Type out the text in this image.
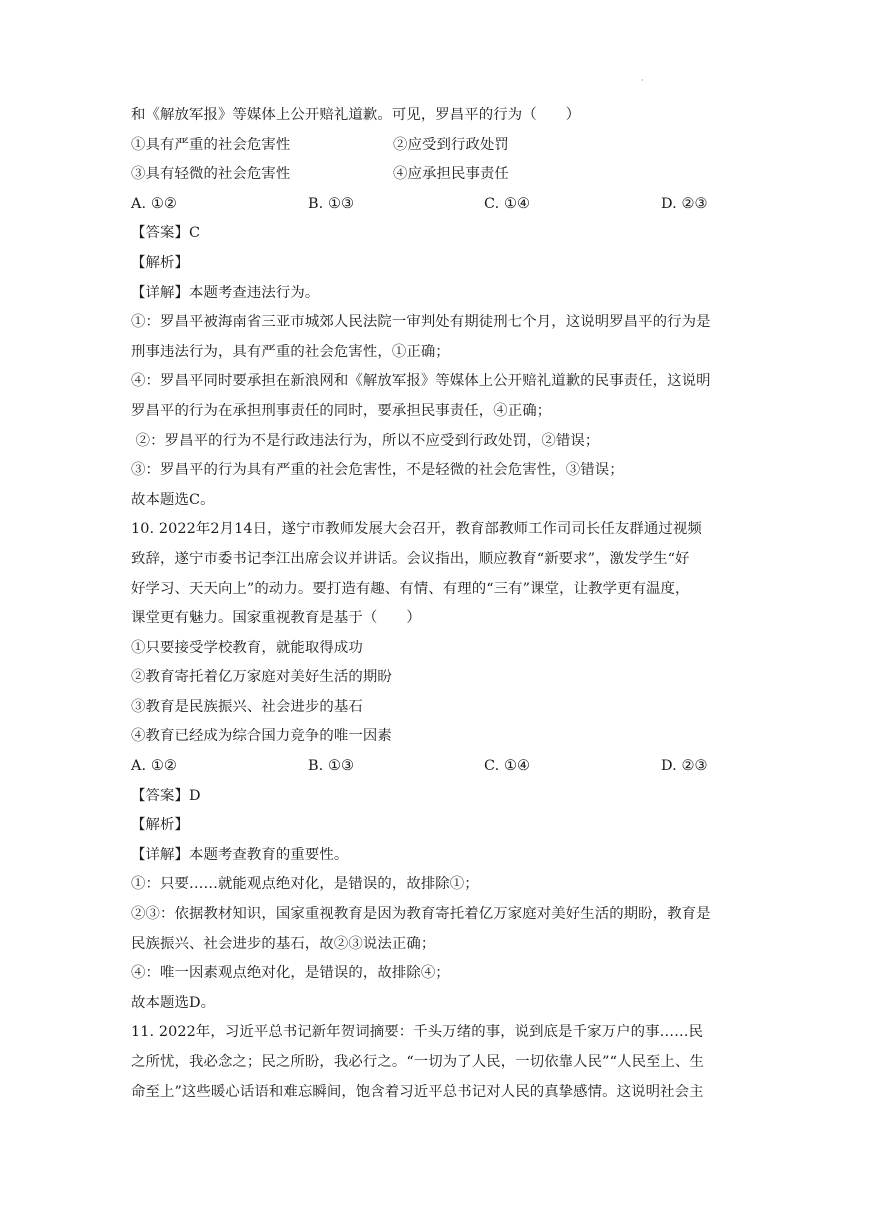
·
和《解放军报》等媒体上公开赔礼道歉。可见，罗昌平的行为（　　）
①具有严重的社会危害性	②应受到行政处罚
③具有轻微的社会危害性	④应承担民事责任
A. ①②	B. ①③	C. ①④	D. ②③
【答案】C
【解析】
【详解】本题考查违法行为。
①：罗昌平被海南省三亚市城郊人民法院一审判处有期徒刑七个月，这说明罗昌平的行为是
刑事违法行为，具有严重的社会危害性，①正确；
④：罗昌平同时要承担在新浪网和《解放军报》等媒体上公开赔礼道歉的民事责任，这说明
罗昌平的行为在承担刑事责任的同时，要承担民事责任，④正确；
②：罗昌平的行为不是行政违法行为，所以不应受到行政处罚，②错误；
③：罗昌平的行为具有严重的社会危害性，不是轻微的社会危害性，③错误；
故本题选C。
10. 2022年2月14日，遂宁市教师发展大会召开，教育部教师工作司司长任友群通过视频
致辞，遂宁市委书记李江出席会议并讲话。会议指出，顺应教育“新要求”，激发学生“好
好学习、天天向上”的动力。要打造有趣、有情、有理的“三有”课堂，让教学更有温度，
课堂更有魅力。国家重视教育是基于（　　）
①只要接受学校教育，就能取得成功
②教育寄托着亿万家庭对美好生活的期盼
③教育是民族振兴、社会进步的基石
④教育已经成为综合国力竞争的唯一因素
A. ①②	B. ①③	C. ①④	D. ②③
【答案】D
【解析】
【详解】本题考查教育的重要性。
①：只要……就能观点绝对化，是错误的，故排除①；
②③：依据教材知识，国家重视教育是因为教育寄托着亿万家庭对美好生活的期盼，教育是
民族振兴、社会进步的基石，故②③说法正确；
④：唯一因素观点绝对化，是错误的，故排除④；
故本题选D。
11. 2022年，习近平总书记新年贺词摘要：千头万绪的事，说到底是千家万户的事……民
之所忧，我必念之；民之所盼，我必行之。“一切为了人民，一切依靠人民”“人民至上、生
命至上”这些暖心话语和难忘瞬间，饱含着习近平总书记对人民的真挚感情。这说明社会主
